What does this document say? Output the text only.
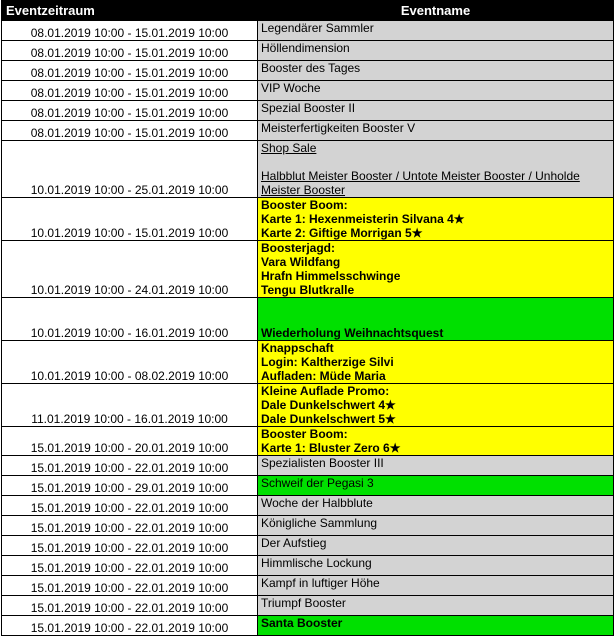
Eventzeitraum	Eventname
08.01.2019 10:00 - 15.01.2019 10:00	Legendärer Sammler
08.01.2019 10:00 - 15.01.2019 10:00	Höllendimension
08.01.2019 10:00 - 15.01.2019 10:00	Booster des Tages
08.01.2019 10:00 - 15.01.2019 10:00	VIP Woche
08.01.2019 10:00 - 15.01.2019 10:00	Spezial Booster II
08.01.2019 10:00 - 15.01.2019 10:00	Meisterfertigkeiten Booster V
10.01.2019 10:00 - 25.01.2019 10:00	Shop Sale
Halbblut Meister Booster / Untote Meister Booster / Unholde
Meister Booster

10.01.2019 10:00 - 15.01.2019 10:00	Booster Boom:
Karte 1: Hexenmeisterin Silvana 4★
Karte 2: Giftige Morrigan 5★

10.01.2019 10:00 - 24.01.2019 10:00	Boosterjagd:
Vara Wildfang
Hrafn Himmelsschwinge
Tengu Blutkralle

10.01.2019 10:00 - 16.01.2019 10:00	Wiederholung Weihnachtsquest
10.01.2019 10:00 - 08.02.2019 10:00	Knappschaft
Login: Kaltherzige Silvi
Aufladen: Müde Maria

11.01.2019 10:00 - 16.01.2019 10:00	Kleine Auflade Promo:
Dale Dunkelschwert 4★
Dale Dunkelschwert 5★

15.01.2019 10:00 - 20.01.2019 10:00	Booster Boom:
Karte 1: Bluster Zero 6★

15.01.2019 10:00 - 22.01.2019 10:00	Spezialisten Booster III
15.01.2019 10:00 - 29.01.2019 10:00	Schweif der Pegasi 3
15.01.2019 10:00 - 22.01.2019 10:00	Woche der Halbblute
15.01.2019 10:00 - 22.01.2019 10:00	Königliche Sammlung
15.01.2019 10:00 - 22.01.2019 10:00	Der Aufstieg
15.01.2019 10:00 - 22.01.2019 10:00	Himmlische Lockung
15.01.2019 10:00 - 22.01.2019 10:00	Kampf in luftiger Höhe
15.01.2019 10:00 - 22.01.2019 10:00	Triumpf Booster
15.01.2019 10:00 - 22.01.2019 10:00	Santa Booster
